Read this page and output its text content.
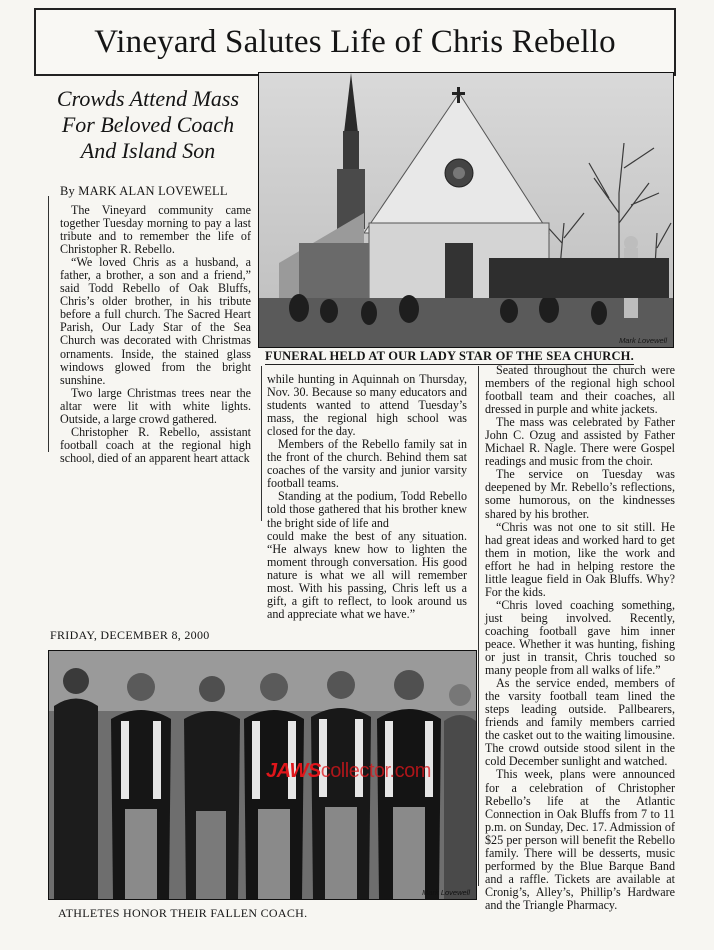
Vineyard Salutes Life of Chris Rebello
Crowds Attend Mass
For Beloved Coach
And Island Son
By MARK ALAN LOVEWELL

The Vineyard community came together Tuesday morning to pay a last tribute and to remember the life of Christopher R. Rebello.

“We loved Chris as a husband, a father, a brother, a son and a friend,” said Todd Rebello of Oak Bluffs, Chris’s older brother, in his tribute before a full church. The Sacred Heart Parish, Our Lady Star of the Sea Church was decorated with Christmas ornaments. Inside, the stained glass windows glowed from the bright sunshine.

Two large Christmas trees near the altar were lit with white lights. Outside, a large crowd gathered.

Christopher R. Rebello, assistant football coach at the regional high school, died of an apparent heart attack

Mark Lovewell
FUNERAL HELD AT OUR LADY STAR OF THE SEA CHURCH.

while hunting in Aquinnah on Thursday, Nov. 30. Because so many educators and students wanted to attend Tuesday’s mass, the regional high school was closed for the day.

Members of the Rebello family sat in the front of the church. Behind them sat coaches of the varsity and junior varsity football teams.

Standing at the podium, Todd Rebello told those gathered that his brother knew the bright side of life and

could make the best of any situation. “He always knew how to lighten the moment through conversation. His good nature is what we all will remember most. With his passing, Chris left us a gift, a gift to reflect, to look around us and appreciate what we have.”

Seated throughout the church were members of the regional high school football team and their coaches, all dressed in purple and white jackets.

The mass was celebrated by Father John C. Ozug and assisted by Father Michael R. Nagle. There were Gospel readings and music from the choir.

The service on Tuesday was deepened by Mr. Rebello’s reflections, some humorous, on the kindnesses shared by his brother.

“Chris was not one to sit still. He had great ideas and worked hard to get them in motion, like the work and effort he had in helping restore the little league field in Oak Bluffs. Why? For the kids.

“Chris loved coaching something, just being involved. Recently, coaching football gave him inner peace. Whether it was hunting, fishing or just in transit, Chris touched so many people from all walks of life.”

As the service ended, members of the varsity football team lined the steps leading outside. Pallbearers, friends and family members carried the casket out to the waiting limousine. The crowd outside stood silent in the cold December sunlight and watched.

This week, plans were announced for a celebration of Christopher Rebello’s life at the Atlantic Connection in Oak Bluffs from 7 to 11 p.m. on Sunday, Dec. 17. Admission of $25 per person will benefit the Rebello family. There will be desserts, music performed by the Blue Barque Band and a raffle. Tickets are available at Cronig’s, Alley’s, Phillip’s Hardware and the Triangle Pharmacy.

FRIDAY, DECEMBER 8, 2000
Mark Lovewell
JAWScollector.com
ATHLETES HONOR THEIR FALLEN COACH.
